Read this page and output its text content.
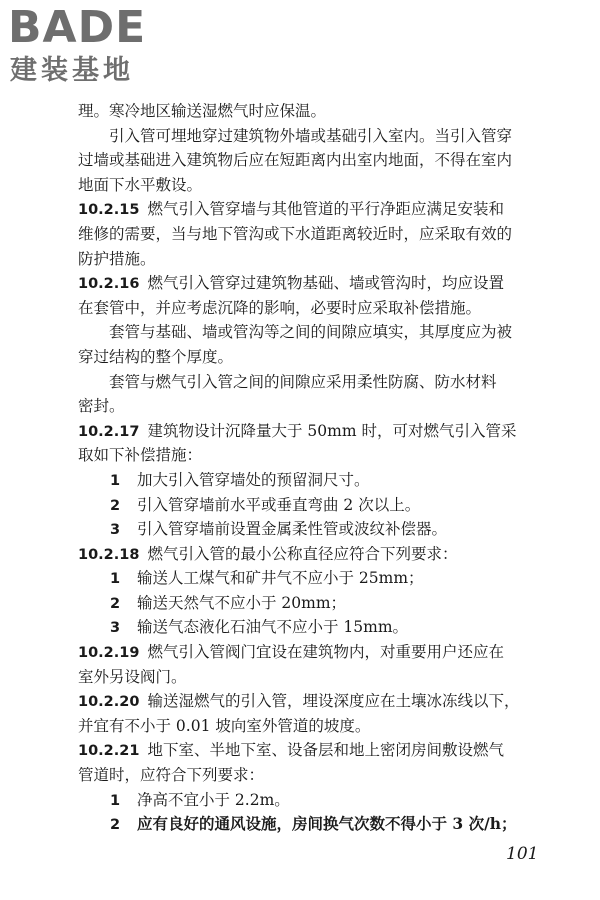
BADE
建装基地
理。寒冷地区输送湿燃气时应保温。
引入管可埋地穿过建筑物外墙或基础引入室内。当引入管穿
过墙或基础进入建筑物后应在短距离内出室内地面，不得在室内
地面下水平敷设。
10.2.15 燃气引入管穿墙与其他管道的平行净距应满足安装和
维修的需要，当与地下管沟或下水道距离较近时，应采取有效的
防护措施。
10.2.16 燃气引入管穿过建筑物基础、墙或管沟时，均应设置
在套管中，并应考虑沉降的影响，必要时应采取补偿措施。
套管与基础、墙或管沟等之间的间隙应填实，其厚度应为被
穿过结构的整个厚度。
套管与燃气引入管之间的间隙应采用柔性防腐、防水材料
密封。
10.2.17 建筑物设计沉降量大于 50mm 时，可对燃气引入管采
取如下补偿措施：
1 加大引入管穿墙处的预留洞尺寸。
2 引入管穿墙前水平或垂直弯曲 2 次以上。
3 引入管穿墙前设置金属柔性管或波纹补偿器。
10.2.18 燃气引入管的最小公称直径应符合下列要求：
1 输送人工煤气和矿井气不应小于 25mm；
2 输送天然气不应小于 20mm；
3 输送气态液化石油气不应小于 15mm。
10.2.19 燃气引入管阀门宜设在建筑物内，对重要用户还应在
室外另设阀门。
10.2.20 输送湿燃气的引入管，埋设深度应在土壤冰冻线以下，
并宜有不小于 0.01 坡向室外管道的坡度。
10.2.21 地下室、半地下室、设备层和地上密闭房间敷设燃气
管道时，应符合下列要求：
1 净高不宜小于 2.2m。
2 应有良好的通风设施，房间换气次数不得小于 3 次/h；
101
